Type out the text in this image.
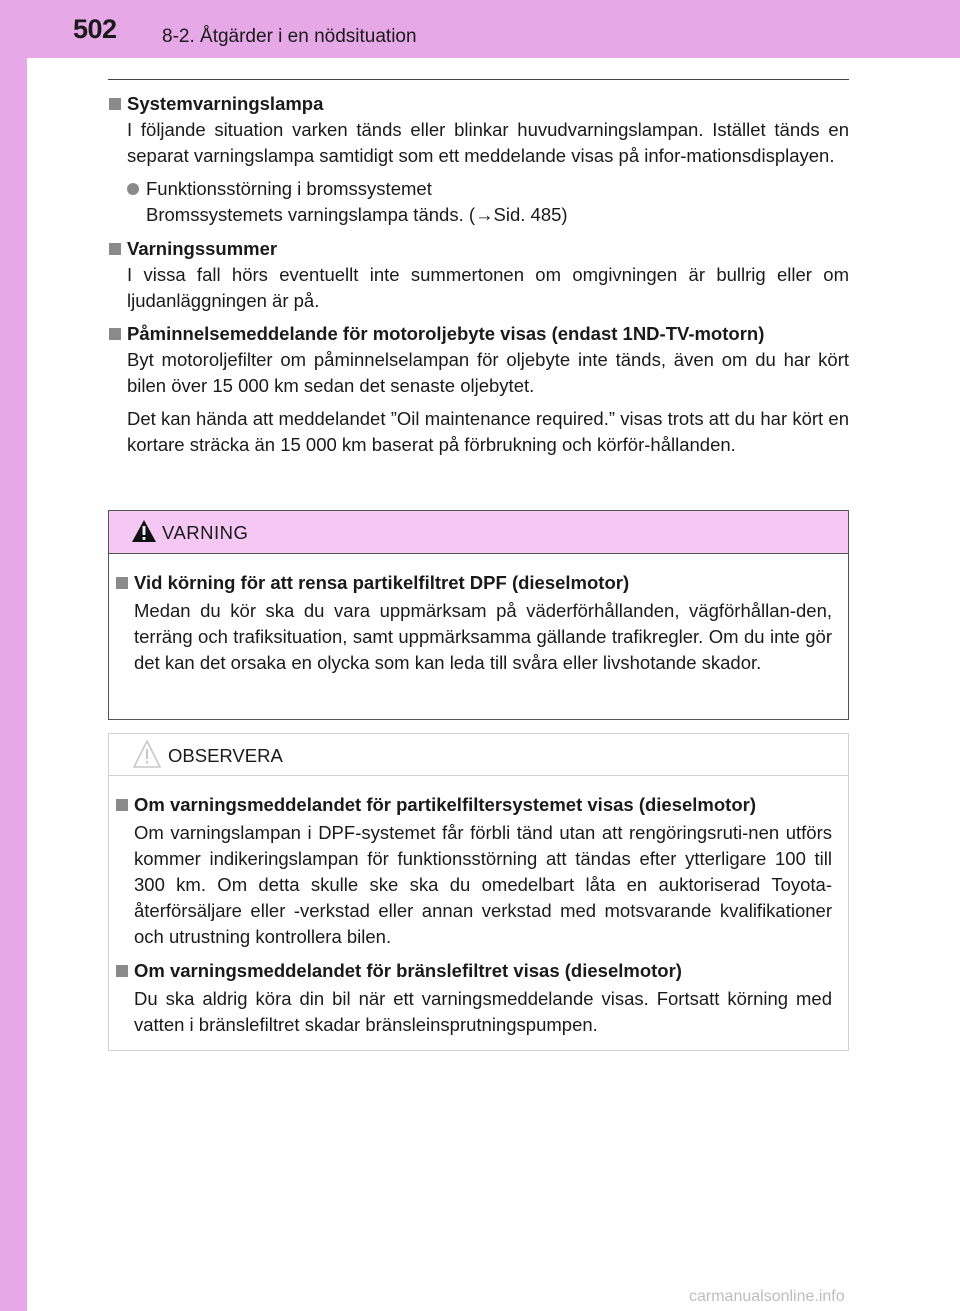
502 8-2. Åtgärder i en nödsituation
Systemvarningslampa

I följande situation varken tänds eller blinkar huvudvarningslampan. Istället tänds en separat varningslampa samtidigt som ett meddelande visas på infor-mationsdisplayen.

Funktionsstörning i bromssystemet
Bromssystemets varningslampa tänds. (→Sid. 485)
Varningssummer

I vissa fall hörs eventuellt inte summertonen om omgivningen är bullrig eller om ljudanläggningen är på.

Påminnelsemeddelande för motoroljebyte visas (endast 1ND-TV-motorn)

Byt motoroljefilter om påminnelselampan för oljebyte inte tänds, även om du har kört bilen över 15 000 km sedan det senaste oljebytet.

Det kan hända att meddelandet ”Oil maintenance required.” visas trots att du har kört en kortare sträcka än 15 000 km baserat på förbrukning och körför-hållanden.

VARNING
Vid körning för att rensa partikelfiltret DPF (dieselmotor)

Medan du kör ska du vara uppmärksam på väderförhållanden, vägförhållan-den, terräng och trafiksituation, samt uppmärksamma gällande trafikregler. Om du inte gör det kan det orsaka en olycka som kan leda till svåra eller livshotande skador.

OBSERVERA
Om varningsmeddelandet för partikelfiltersystemet visas (dieselmotor)

Om varningslampan i DPF-systemet får förbli tänd utan att rengöringsruti-nen utförs kommer indikeringslampan för funktionsstörning att tändas efter ytterligare 100 till 300 km. Om detta skulle ske ska du omedelbart låta en auktoriserad Toyota-återförsäljare eller -verkstad eller annan verkstad med motsvarande kvalifikationer och utrustning kontrollera bilen.

Om varningsmeddelandet för bränslefiltret visas (dieselmotor)

Du ska aldrig köra din bil när ett varningsmeddelande visas. Fortsatt körning med vatten i bränslefiltret skadar bränsleinsprutningspumpen.

carmanualsonline.info
